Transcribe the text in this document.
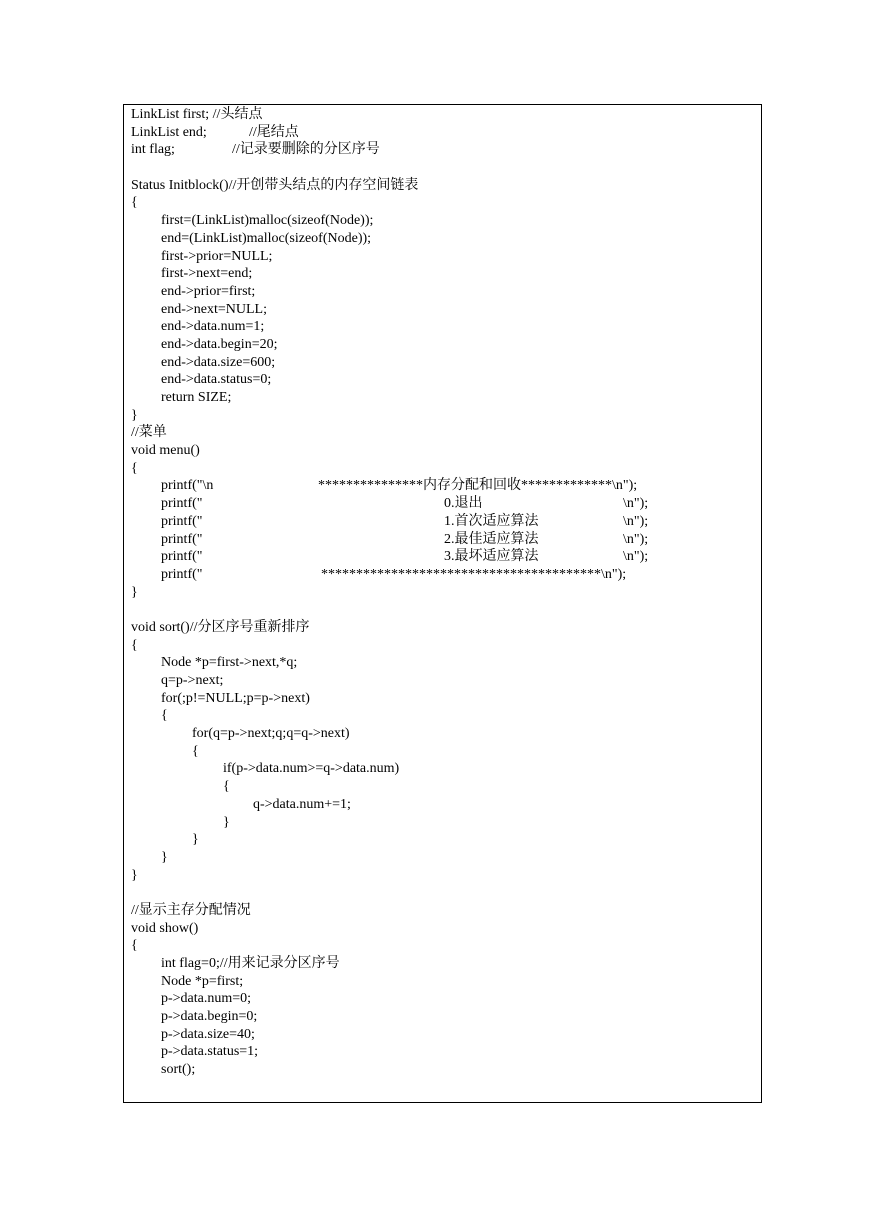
LinkList first; //头结点
LinkList end;	//尾结点
int flag;	//记录要删除的分区序号
Status Initblock()//开创带头结点的内存空间链表
{
first=(LinkList)malloc(sizeof(Node));
end=(LinkList)malloc(sizeof(Node));
first->prior=NULL;
first->next=end;
end->prior=first;
end->next=NULL;
end->data.num=1;
end->data.begin=20;
end->data.size=600;
end->data.status=0;
return SIZE;
}
//菜单
void menu()
{
printf("\n	***************内存分配和回收*************\n");
printf("	0.退出	\n");
printf("	1.首次适应算法	\n");
printf("	2.最佳适应算法	\n");
printf("	3.最坏适应算法	\n");
printf("	****************************************\n");
}
void sort()//分区序号重新排序
{
Node *p=first->next,*q;
q=p->next;
for(;p!=NULL;p=p->next)
{
for(q=p->next;q;q=q->next)
{
if(p->data.num>=q->data.num)
{
q->data.num+=1;
}
}
}
}
//显示主存分配情况
void show()
{
int flag=0;//用来记录分区序号
Node *p=first;
p->data.num=0;
p->data.begin=0;
p->data.size=40;
p->data.status=1;
sort();
